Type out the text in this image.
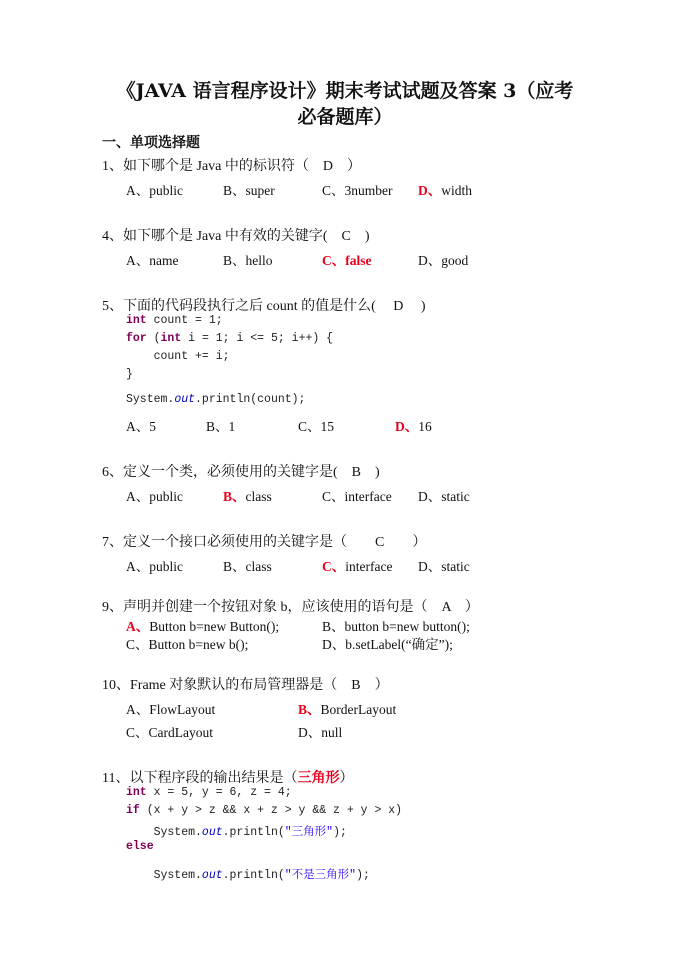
《JAVA 语言程序设计》期末考试试题及答案 3（应考
必备题库）
一、单项选择题
1、如下哪个是 Java 中的标识符（　D　）
A、public	B、super	C、3number D、width
4、如下哪个是 Java 中有效的关键字(　C　)
A、name	B、hello	C、false	D、good
5、下面的代码段执行之后 count 的值是什么(　 D　 )
int count = 1;
for (int i = 1; i <= 5; i++) {
count += i;
}
System.out.println(count);
A、5	B、1	C、15	D、16
6、定义一个类，必须使用的关键字是(　B　)
A、public	B、class	C、interface D、static
7、定义一个接口必须使用的关键字是（　　C　　）
A、public	B、class	C、interface D、static
9、声明并创建一个按钮对象 b，应该使用的语句是（　A　）
A、Button b=new Button();	B、button b=new button();
C、Button b=new b();	D、b.setLabel(“确定”);
10、Frame 对象默认的布局管理器是（　B　）
A、FlowLayout	B、BorderLayout
C、CardLayout	D、null
11、以下程序段的输出结果是（三角形）
int x = 5, y = 6, z = 4;
if (x + y > z && x + z > y && z + y > x)
System.out.println("三角形");
else
System.out.println("不是三角形");
